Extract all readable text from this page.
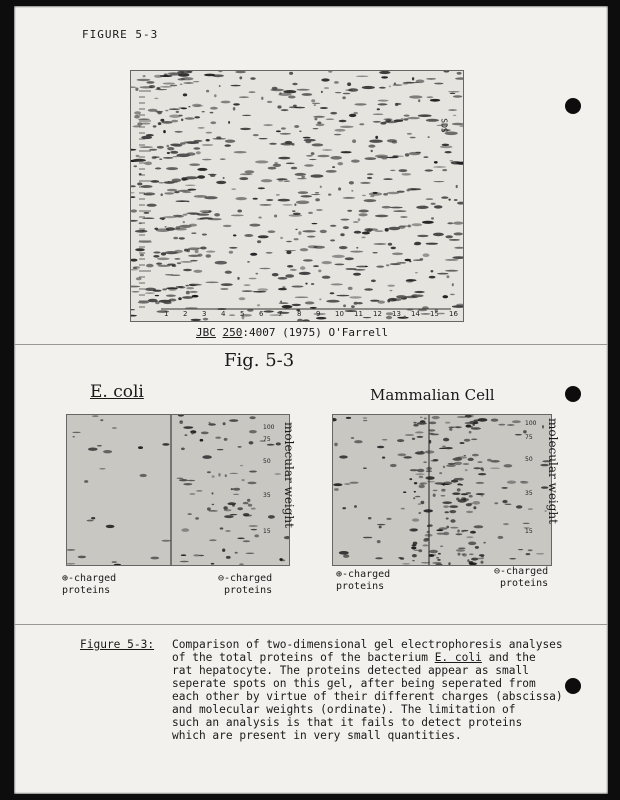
FIGURE 5-3
SDS
1 2 3 4 5 6 7 8 9 10 11 12 13 14 15 16
JBC 250:4007 (1975) O'Farrell
Fig. 5-3
E. coli
100
75
50
35
15
molecular weight
⊕-charged
proteins
⊖-charged
proteins
Mammalian Cell
100
75
50
35
15
molecular weight
⊕-charged
proteins
⊖-charged
proteins
Figure 5-3: Comparison of two-dimensional gel electrophoresis analyses
of the total proteins of the bacterium E. coli and the
rat hepatocyte. The proteins detected appear as small
seperate spots on this gel, after being seperated from
each other by virtue of their different charges (abscissa)
and molecular weights (ordinate). The limitation of
such an analysis is that it fails to detect proteins
which are present in very small quantities.
